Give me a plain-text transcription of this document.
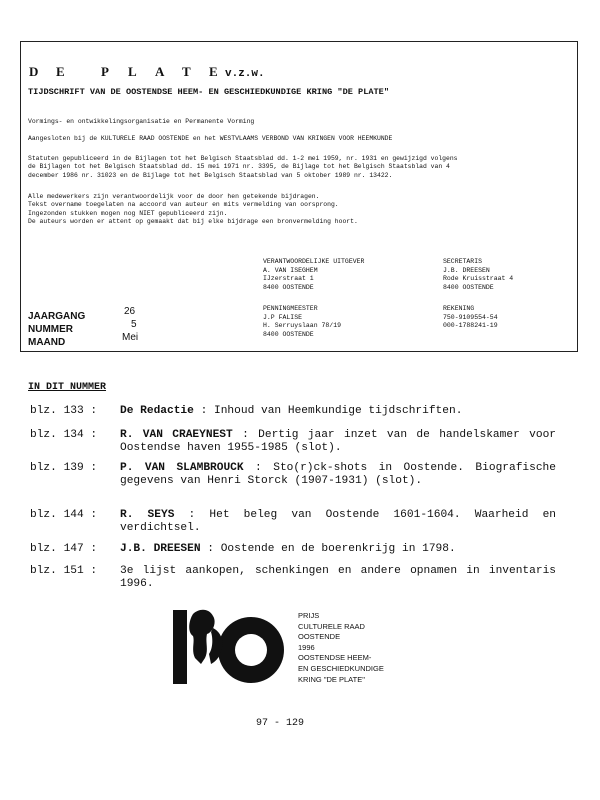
D E	P L A T E v.z.w.
TIJDSCHRIFT VAN DE OOSTENDSE HEEM- EN GESCHIEDKUNDIGE KRING "DE PLATE"
Vormings- en ontwikkelingsorganisatie en Permanente Vorming
Aangesloten bij de KULTURELE RAAD OOSTENDE en het WESTVLAAMS VERBOND VAN KRINGEN VOOR HEEMKUNDE
Statuten gepubliceerd in de Bijlagen tot het Belgisch Staatsblad dd. 1-2 mei 1959, nr. 1931 en gewijzigd volgens
de Bijlagen tot het Belgisch Staatsblad dd. 15 mei 1971 nr. 3395, de Bijlage tot het Belgisch Staatsblad van 4
december 1986 nr. 31023 en de Bijlage tot het Belgisch Staatsblad van 5 oktober 1989 nr. 13422.
Alle medewerkers zijn verantwoordelijk voor de door hen getekende bijdragen.
Tekst overname toegelaten na accoord van auteur en mits vermelding van oorsprong.
Ingezonden stukken mogen nog NIET gepubliceerd zijn.
De auteurs worden er attent op gemaakt dat bij elke bijdrage een bronvermelding hoort.
VERANTWOORDELIJKE UITGEVER
A. VAN ISEGHEM
IJzerstraat 1
8400 OOSTENDE
SECRETARIS
J.B. DREESEN
Rode Kruisstraat 4
8400 OOSTENDE
PENNINGMEESTER
J.P FALISE
H. Serruyslaan 78/19
8400 OOSTENDE
REKENING
750-9109554-54
000-1788241-19
JAARGANG	26
NUMMER	5
MAAND	Mei
IN DIT NUMMER
blz. 133 : De Redactie : Inhoud van Heemkundige tijdschriften.
blz. 134 : R. VAN CRAEYNEST : Dertig jaar inzet van de handelskamer voor Oostendse haven 1955-1985 (slot).
blz. 139 : P. VAN SLAMBROUCK : Sto(r)ck-shots in Oostende. Biografische gegevens van Henri Storck (1907-1931) (slot).
blz. 144 : R. SEYS : Het beleg van Oostende 1601-1604. Waarheid en verdichtsel.
blz. 147 : J.B. DREESEN : Oostende en de boerenkrijg in 1798.
blz. 151 : 3e lijst aankopen, schenkingen en andere opnamen in inventaris 1996.
PRIJS
CULTURELE RAAD
OOSTENDE
1996
OOSTENDSE HEEM-
EN GESCHIEDKUNDIGE
KRING "DE PLATE"
97 - 129
